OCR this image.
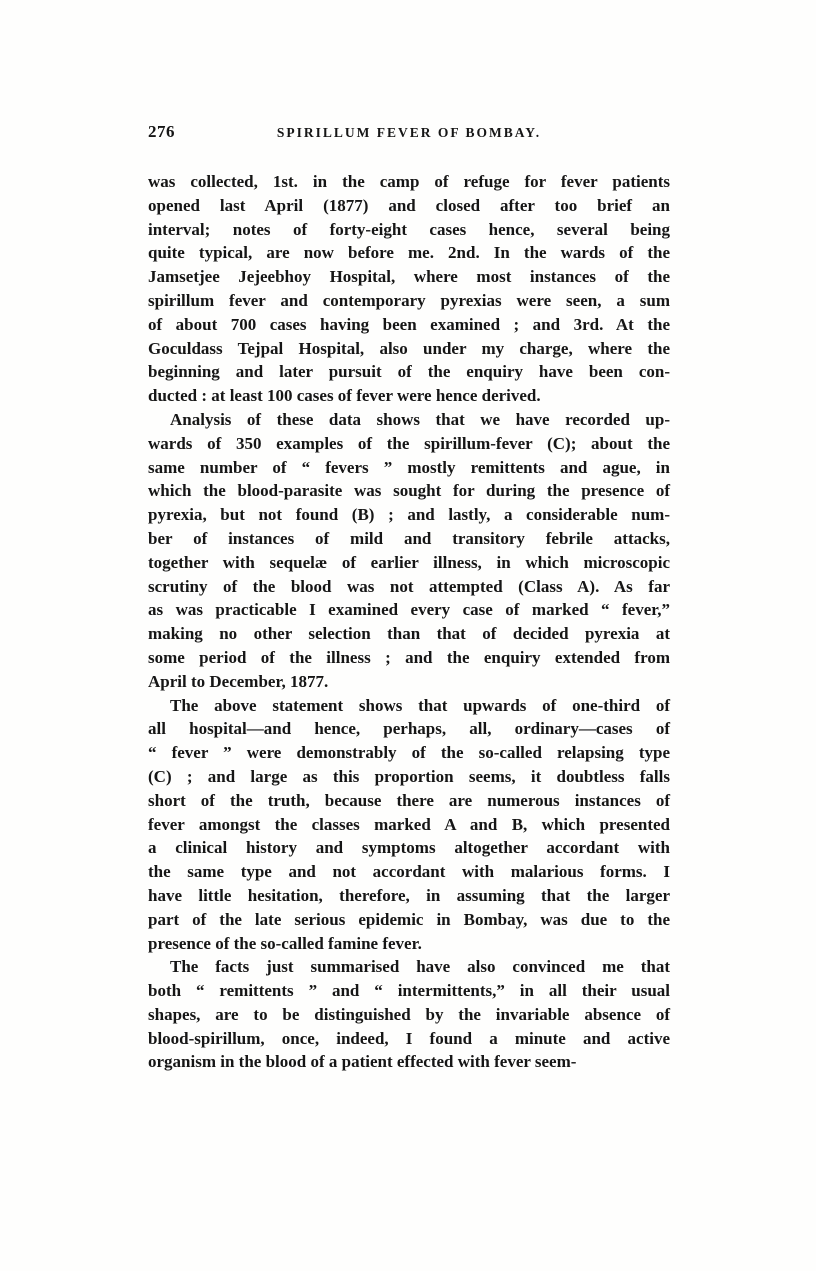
276	SPIRILLUM FEVER OF BOMBAY.
was collected, 1st. in the camp of refuge for fever patients
opened last April (1877) and closed after too brief an
interval; notes of forty-eight cases hence, several being
quite typical, are now before me. 2nd. In the wards of the
Jamsetjee Jejeebhoy Hospital, where most instances of the
spirillum fever and contemporary pyrexias were seen, a sum
of about 700 cases having been examined ; and 3rd. At the
Goculdass Tejpal Hospital, also under my charge, where the
beginning and later pursuit of the enquiry have been con-
ducted : at least 100 cases of fever were hence derived.
Analysis of these data shows that we have recorded up-
wards of 350 examples of the spirillum-fever (C); about the
same number of “ fevers ” mostly remittents and ague, in
which the blood-parasite was sought for during the presence of
pyrexia, but not found (B) ; and lastly, a considerable num-
ber of instances of mild and transitory febrile attacks,
together with sequelæ of earlier illness, in which microscopic
scrutiny of the blood was not attempted (Class A). As far
as was practicable I examined every case of marked “ fever,”
making no other selection than that of decided pyrexia at
some period of the illness ; and the enquiry extended from
April to December, 1877.
The above statement shows that upwards of one-third of
all hospital—and hence, perhaps, all, ordinary—cases of
“ fever ” were demonstrably of the so-called relapsing type
(C) ; and large as this proportion seems, it doubtless falls
short of the truth, because there are numerous instances of
fever amongst the classes marked A and B, which presented
a clinical history and symptoms altogether accordant with
the same type and not accordant with malarious forms. I
have little hesitation, therefore, in assuming that the larger
part of the late serious epidemic in Bombay, was due to the
presence of the so-called famine fever.
The facts just summarised have also convinced me that
both “ remittents ” and “ intermittents,” in all their usual
shapes, are to be distinguished by the invariable absence of
blood-spirillum, once, indeed, I found a minute and active
organism in the blood of a patient effected with fever seem-
